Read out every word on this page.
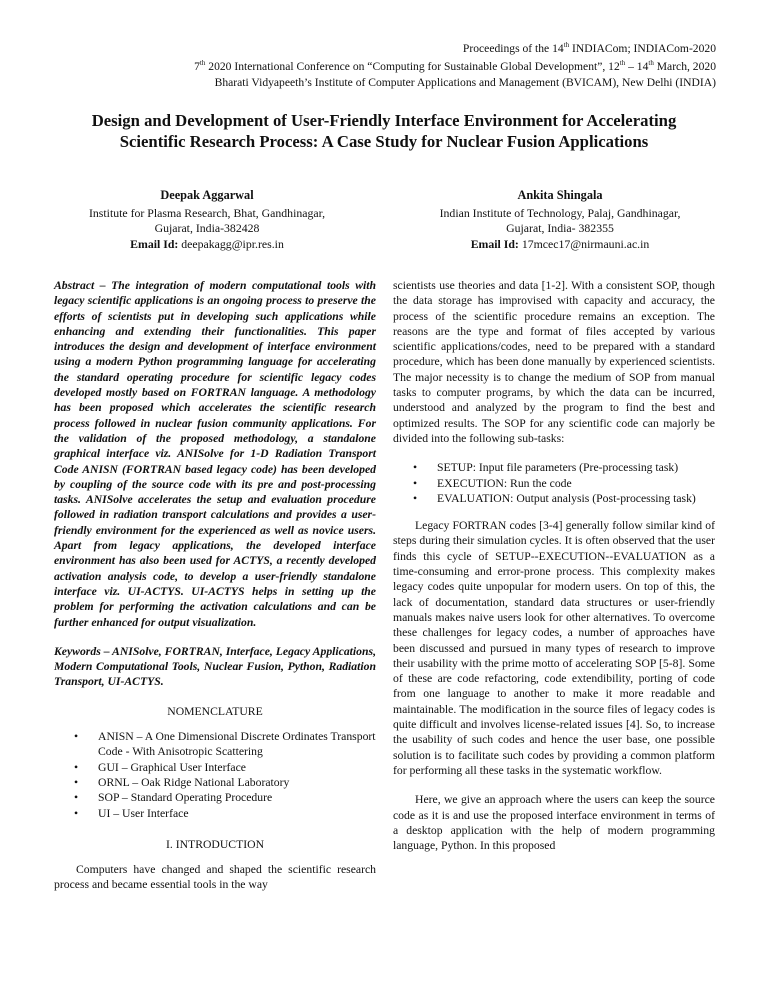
Proceedings of the 14th INDIACom; INDIACom-2020
7th 2020 International Conference on “Computing for Sustainable Global Development”, 12th – 14th March, 2020
Bharati Vidyapeeth’s Institute of Computer Applications and Management (BVICAM), New Delhi (INDIA)
Design and Development of User-Friendly Interface Environment for Accelerating
Scientific Research Process: A Case Study for Nuclear Fusion Applications
Deepak Aggarwal
Institute for Plasma Research, Bhat, Gandhinagar,
Gujarat, India-382428
Email Id: deepakagg@ipr.res.in
Ankita Shingala
Indian Institute of Technology, Palaj, Gandhinagar,
Gujarat, India- 382355
Email Id: 17mcec17@nirmauni.ac.in

Abstract – The integration of modern computational tools with legacy scientific applications is an ongoing process to preserve the efforts of scientists put in developing such applications while enhancing and extending their functionalities. This paper introduces the design and development of interface environment using a modern Python programming language for accelerating the standard operating procedure for scientific legacy codes developed mostly based on FORTRAN language. A methodology has been proposed which accelerates the scientific research process followed in nuclear fusion community applications. For the validation of the proposed methodology, a standalone graphical interface viz. ANISolve for 1-D Radiation Transport Code ANISN (FORTRAN based legacy code) has been developed by coupling of the source code with its pre and post-processing tasks. ANISolve accelerates the setup and evaluation procedure followed in radiation transport calculations and provides a user-friendly environment for the experienced as well as novice users. Apart from legacy applications, the developed interface environment has also been used for ACTYS, a recently developed activation analysis code, to develop a user-friendly standalone interface viz. UI-ACTYS. UI-ACTYS helps in setting up the problem for performing the activation calculations and can be further enhanced for output visualization.

Keywords – ANISolve, FORTRAN, Interface, Legacy Applications, Modern Computational Tools, Nuclear Fusion, Python, Radiation Transport, UI-ACTYS.

NOMENCLATURE
• ANISN – A One Dimensional Discrete Ordinates Transport Code - With Anisotropic Scattering
• GUI – Graphical User Interface
• ORNL – Oak Ridge National Laboratory
• SOP – Standard Operating Procedure
• UI – User Interface
I. INTRODUCTION

Computers have changed and shaped the scientific research process and became essential tools in the way

scientists use theories and data [1-2]. With a consistent SOP, though the data storage has improvised with capacity and accuracy, the process of the scientific procedure remains an exception. The reasons are the type and format of files accepted by various scientific applications/codes, need to be prepared with a standard procedure, which has been done manually by experienced scientists. The major necessity is to change the medium of SOP from manual tasks to computer programs, by which the data can be incurred, understood and analyzed by the program to find the best and optimized results. The SOP for any scientific code can majorly be divided into the following sub-tasks:

• SETUP: Input file parameters (Pre-processing task)
• EXECUTION: Run the code
• EVALUATION: Output analysis (Post-processing task)

Legacy FORTRAN codes [3-4] generally follow similar kind of steps during their simulation cycles. It is often observed that the user finds this cycle of SETUP--EXECUTION--EVALUATION as a time-consuming and error-prone process. This complexity makes legacy codes quite unpopular for modern users. On top of this, the lack of documentation, standard data structures or user-friendly manuals makes naive users look for other alternatives. To overcome these challenges for legacy codes, a number of approaches have been discussed and pursued in many types of research to improve their usability with the prime motto of accelerating SOP [5-8]. Some of these are code refactoring, code extendibility, porting of code from one language to another to make it more readable and maintainable. The modification in the source files of legacy codes is quite difficult and involves license-related issues [4]. So, to increase the usability of such codes and hence the user base, one possible solution is to facilitate such codes by providing a common platform for performing all these tasks in the systematic workflow.

Here, we give an approach where the users can keep the source code as it is and use the proposed interface environment in terms of a desktop application with the help of modern programming language, Python. In this proposed
